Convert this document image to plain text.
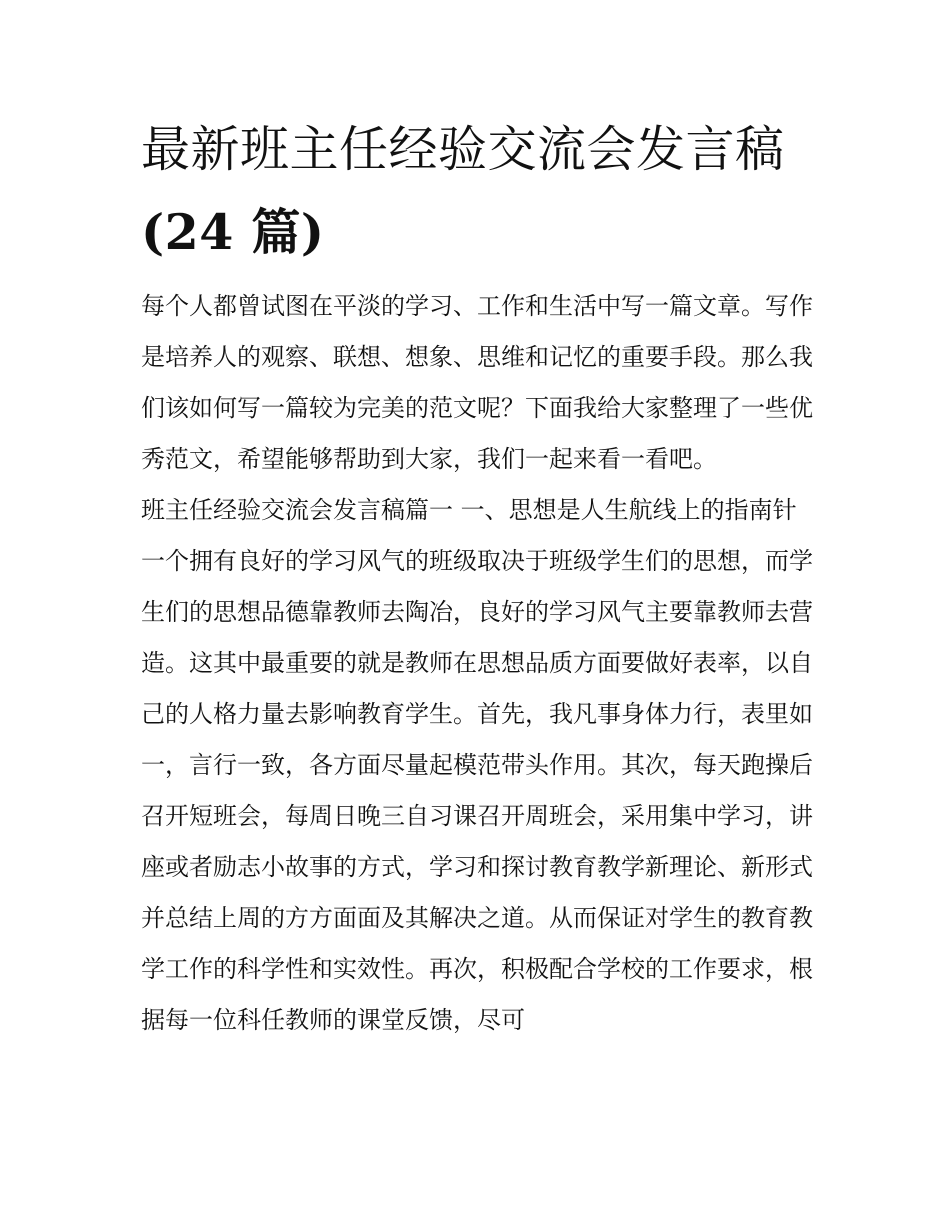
最新班主任经验交流会发言稿
(24 篇)

每个人都曾试图在平淡的学习、工作和生活中写一篇文章。写作是培养人的观察、联想、想象、思维和记忆的重要手段。那么我们该如何写一篇较为完美的范文呢？下面我给大家整理了一些优秀范文，希望能够帮助到大家，我们一起来看一看吧。

班主任经验交流会发言稿篇一 一、思想是人生航线上的指南针

一个拥有良好的学习风气的班级取决于班级学生们的思想，而学生们的思想品德靠教师去陶冶，良好的学习风气主要靠教师去营造。这其中最重要的就是教师在思想品质方面要做好表率，以自己的人格力量去影响教育学生。首先，我凡事身体力行，表里如一，言行一致，各方面尽量起模范带头作用。其次，每天跑操后召开短班会，每周日晚三自习课召开周班会，采用集中学习，讲座或者励志小故事的方式，学习和探讨教育教学新理论、新形式并总结上周的方方面面及其解决之道。从而保证对学生的教育教学工作的科学性和实效性。再次，积极配合学校的工作要求，根据每一位科任教师的课堂反馈，尽可
